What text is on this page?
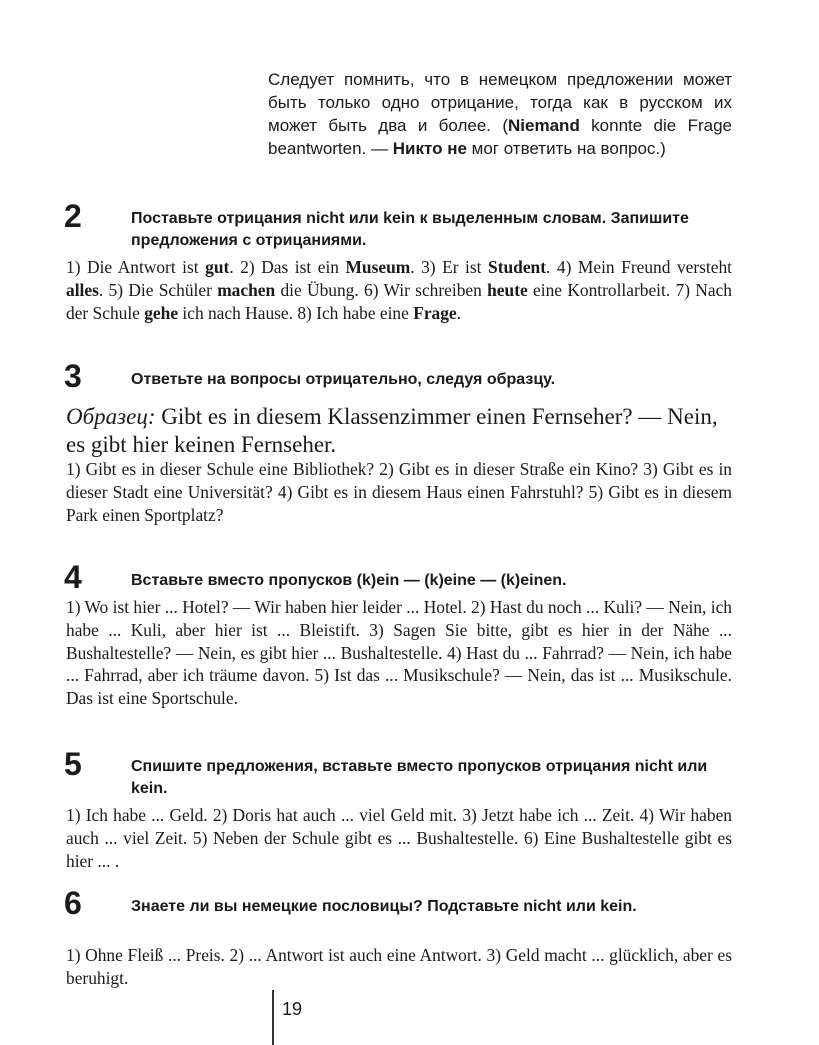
Следует помнить, что в немецком предложении может быть только одно отрицание, тогда как в русском их может быть два и более. (Niemand konnte die Frage beantworten. — Никто не мог ответить на вопрос.)
2	Поставьте отрицания nicht или kein к выделенным словам. Запишите предложения с отрицаниями.
1) Die Antwort ist gut. 2) Das ist ein Museum. 3) Er ist Student. 4) Mein Freund versteht alles. 5) Die Schüler machen die Übung. 6) Wir schreiben heute eine Kontrollarbeit. 7) Nach der Schule gehe ich nach Hause. 8) Ich habe eine Frage.
3	Ответьте на вопросы отрицательно, следуя образцу.
Образец: Gibt es in diesem Klassenzimmer einen Fernseher? — Nein, es gibt hier keinen Fernseher.
1) Gibt es in dieser Schule eine Bibliothek? 2) Gibt es in dieser Straße ein Kino? 3) Gibt es in dieser Stadt eine Universität? 4) Gibt es in diesem Haus einen Fahrstuhl? 5) Gibt es in diesem Park einen Sportplatz?
4	Вставьте вместо пропусков (k)ein — (k)eine — (k)einen.
1) Wo ist hier ... Hotel? — Wir haben hier leider ... Hotel. 2) Hast du noch ... Kuli? — Nein, ich habe ... Kuli, aber hier ist ... Bleistift. 3) Sagen Sie bitte, gibt es hier in der Nähe ... Bushaltestelle? — Nein, es gibt hier ... Bushaltestelle. 4) Hast du ... Fahrrad? — Nein, ich habe ... Fahrrad, aber ich träume davon. 5) Ist das ... Musikschule? — Nein, das ist ... Musikschule. Das ist eine Sportschule.
5	Спишите предложения, вставьте вместо пропусков отрицания nicht или kein.
1) Ich habe ... Geld. 2) Doris hat auch ... viel Geld mit. 3) Jetzt habe ich ... Zeit. 4) Wir haben auch ... viel Zeit. 5) Neben der Schule gibt es ... Bushaltestelle. 6) Eine Bushaltestelle gibt es hier ... .
6	Знаете ли вы немецкие пословицы? Подставьте nicht или kein.
1) Ohne Fleiß ... Preis. 2) ... Antwort ist auch eine Antwort. 3) Geld macht ... glücklich, aber es beruhigt.
19
